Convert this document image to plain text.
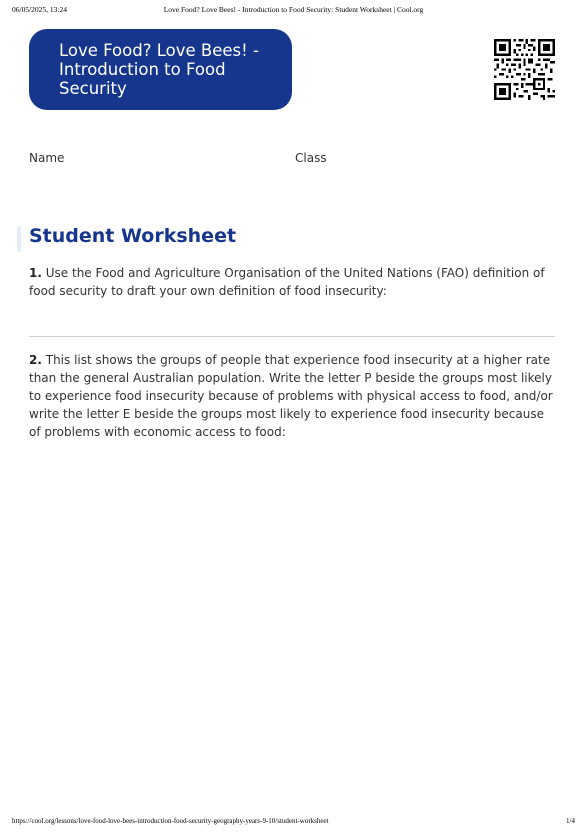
06/05/2025, 13:24	Love Food? Love Bees! - Introduction to Food Security: Student Worksheet | Cool.org
Love Food? Love Bees! - Introduction to Food Security
Name	Class
Student Worksheet

1. Use the Food and Agriculture Organisation of the United Nations (FAO) definition of food security to draft your own definition of food insecurity:

2. This list shows the groups of people that experience food insecurity at a higher rate than the general Australian population. Write the letter P beside the groups most likely to experience food insecurity because of problems with physical access to food, and/or write the letter E beside the groups most likely to experience food insecurity because of problems with economic access to food:

https://cool.org/lessons/love-food-love-bees-introduction-food-security-geography-years-9-10/student-worksheet	1/4
